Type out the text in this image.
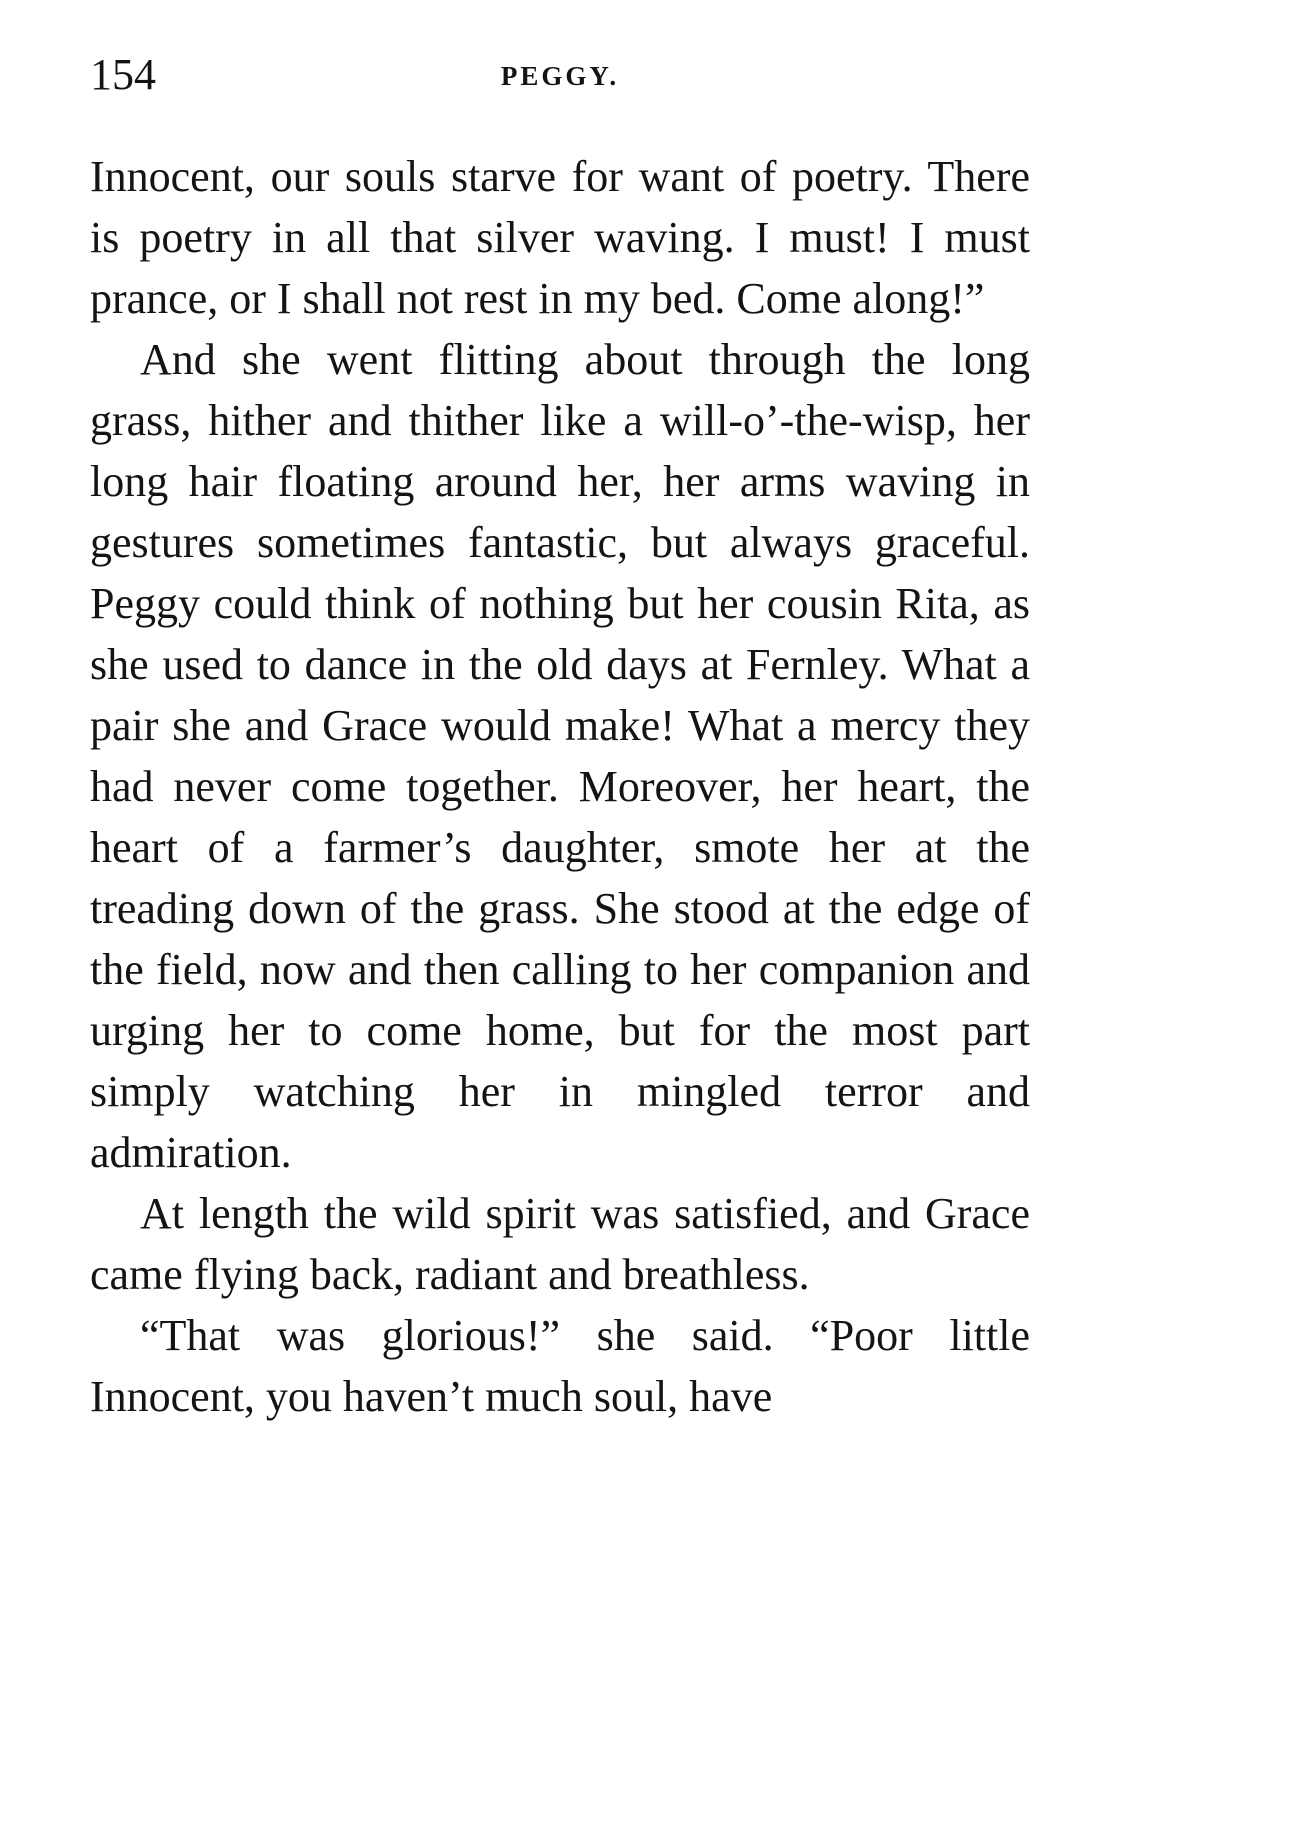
154	PEGGY.

Innocent, our souls starve for want of poetry. There is poetry in all that silver waving. I must! I must prance, or I shall not rest in my bed. Come along!”

And she went flitting about through the long grass, hither and thither like a will-o’-the-wisp, her long hair floating around her, her arms waving in gestures sometimes fantastic, but always graceful. Peggy could think of nothing but her cousin Rita, as she used to dance in the old days at Fernley. What a pair she and Grace would make! What a mercy they had never come together. Moreover, her heart, the heart of a farmer’s daughter, smote her at the treading down of the grass. She stood at the edge of the field, now and then calling to her companion and urging her to come home, but for the most part simply watching her in mingled terror and admiration.

At length the wild spirit was satisfied, and Grace came flying back, radiant and breathless.

“That was glorious!” she said. “Poor little Innocent, you haven’t much soul, have
